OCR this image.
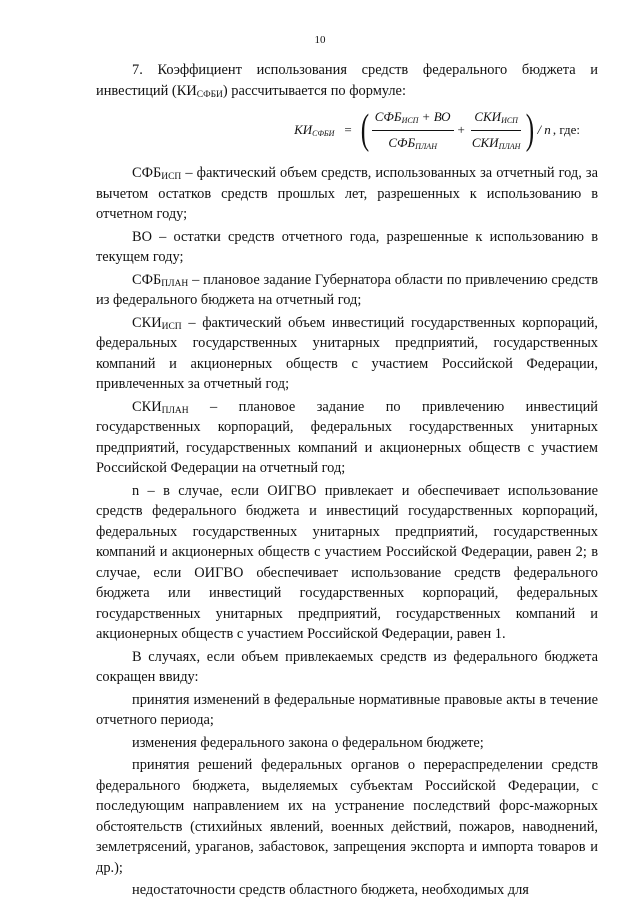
10

7. Коэффициент использования средств федерального бюджета и инвестиций $(КИ_{СФБИ})$ рассчитывается по формуле:

$КИ_{СФБИ}$ = ( $\frac{СФБ_{ИСП} + ВО}{СФБ_{ПЛАН}} + \frac{СКИ_{ИСП}}{СКИ_{ПЛАН}}$ ) / n , где:

$СФБ_{ИСП}$ – фактический объем средств, использованных за отчетный год, за вычетом остатков средств прошлых лет, разрешенных к использованию в отчетном году;

ВО – остатки средств отчетного года, разрешенные к использованию в текущем году;

$СФБ_{ПЛАН}$ – плановое задание Губернатора области по привлечению средств из федерального бюджета на отчетный год;

$СКИ_{ИСП}$ – фактический объем инвестиций государственных корпораций, федеральных государственных унитарных предприятий, государственных компаний и акционерных обществ с участием Российской Федерации, привлеченных за отчетный год;

$СКИ_{ПЛАН}$ – плановое задание по привлечению инвестиций государственных корпораций, федеральных государственных унитарных предприятий, государственных компаний и акционерных обществ с участием Российской Федерации на отчетный год;

n – в случае, если ОИГВО привлекает и обеспечивает использование средств федерального бюджета и инвестиций государственных корпораций, федеральных государственных унитарных предприятий, государственных компаний и акционерных обществ с участием Российской Федерации, равен 2; в случае, если ОИГВО обеспечивает использование средств федерального бюджета или инвестиций государственных корпораций, федеральных государственных унитарных предприятий, государственных компаний и акционерных обществ с участием Российской Федерации, равен 1.

В случаях, если объем привлекаемых средств из федерального бюджета сокращен ввиду:

принятия изменений в федеральные нормативные правовые акты в течение отчетного периода;

изменения федерального закона о федеральном бюджете;

принятия решений федеральных органов о перераспределении средств федерального бюджета, выделяемых субъектам Российской Федерации, с последующим направлением их на устранение последствий форс-мажорных обстоятельств (стихийных явлений, военных действий, пожаров, наводнений, землетрясений, ураганов, забастовок, запрещения экспорта и импорта товаров и др.);

недостаточности средств областного бюджета, необходимых для
